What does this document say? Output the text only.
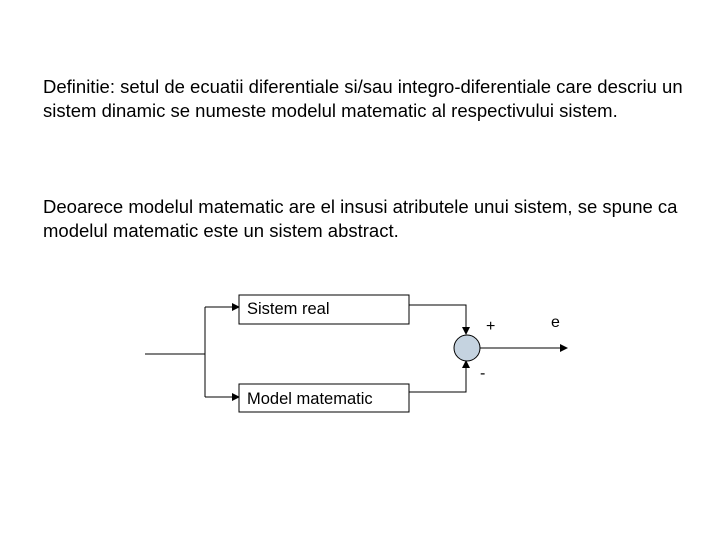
Definitie: setul de ecuatii diferentiale si/sau integro-diferentiale care descriu un sistem dinamic se numeste modelul matematic al respectivului sistem.

Deoarece modelul matematic are el insusi atributele unui sistem, se spune ca modelul matematic este un sistem abstract.

Sistem real
Model matematic
+
-
e
